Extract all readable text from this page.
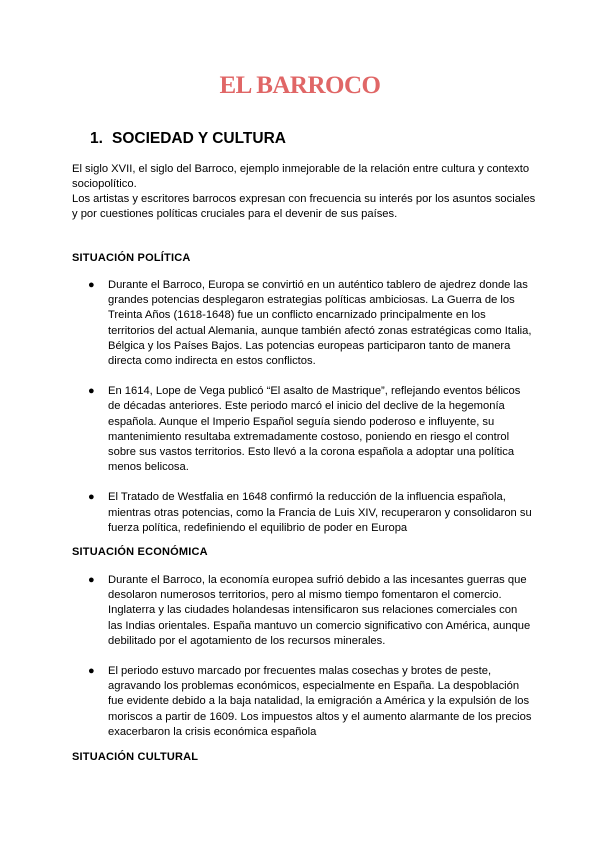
EL BARROCO
1. SOCIEDAD Y CULTURA

El siglo XVII, el siglo del Barroco, ejemplo inmejorable de la relación entre cultura y contexto sociopolítico.

Los artistas y escritores barrocos expresan con frecuencia su interés por los asuntos sociales y por cuestiones políticas cruciales para el devenir de sus países.

SITUACIÓN POLÍTICA
● Durante el Barroco, Europa se convirtió en un auténtico tablero de ajedrez donde las grandes potencias desplegaron estrategias políticas ambiciosas. La Guerra de los Treinta Años (1618-1648) fue un conflicto encarnizado principalmente en los territorios del actual Alemania, aunque también afectó zonas estratégicas como Italia, Bélgica y los Países Bajos. Las potencias europeas participaron tanto de manera directa como indirecta en estos conflictos.
● En 1614, Lope de Vega publicó “El asalto de Mastrique”, reflejando eventos bélicos de décadas anteriores. Este periodo marcó el inicio del declive de la hegemonía española. Aunque el Imperio Español seguía siendo poderoso e influyente, su mantenimiento resultaba extremadamente costoso, poniendo en riesgo el control sobre sus vastos territorios. Esto llevó a la corona española a adoptar una política menos belicosa.
● El Tratado de Westfalia en 1648 confirmó la reducción de la influencia española, mientras otras potencias, como la Francia de Luis XIV, recuperaron y consolidaron su fuerza política, redefiniendo el equilibrio de poder en Europa
SITUACIÓN ECONÓMICA
● Durante el Barroco, la economía europea sufrió debido a las incesantes guerras que desolaron numerosos territorios, pero al mismo tiempo fomentaron el comercio. Inglaterra y las ciudades holandesas intensificaron sus relaciones comerciales con las Indias orientales. España mantuvo un comercio significativo con América, aunque debilitado por el agotamiento de los recursos minerales.
● El periodo estuvo marcado por frecuentes malas cosechas y brotes de peste, agravando los problemas económicos, especialmente en España. La despoblación fue evidente debido a la baja natalidad, la emigración a América y la expulsión de los moriscos a partir de 1609. Los impuestos altos y el aumento alarmante de los precios exacerbaron la crisis económica española
SITUACIÓN CULTURAL
